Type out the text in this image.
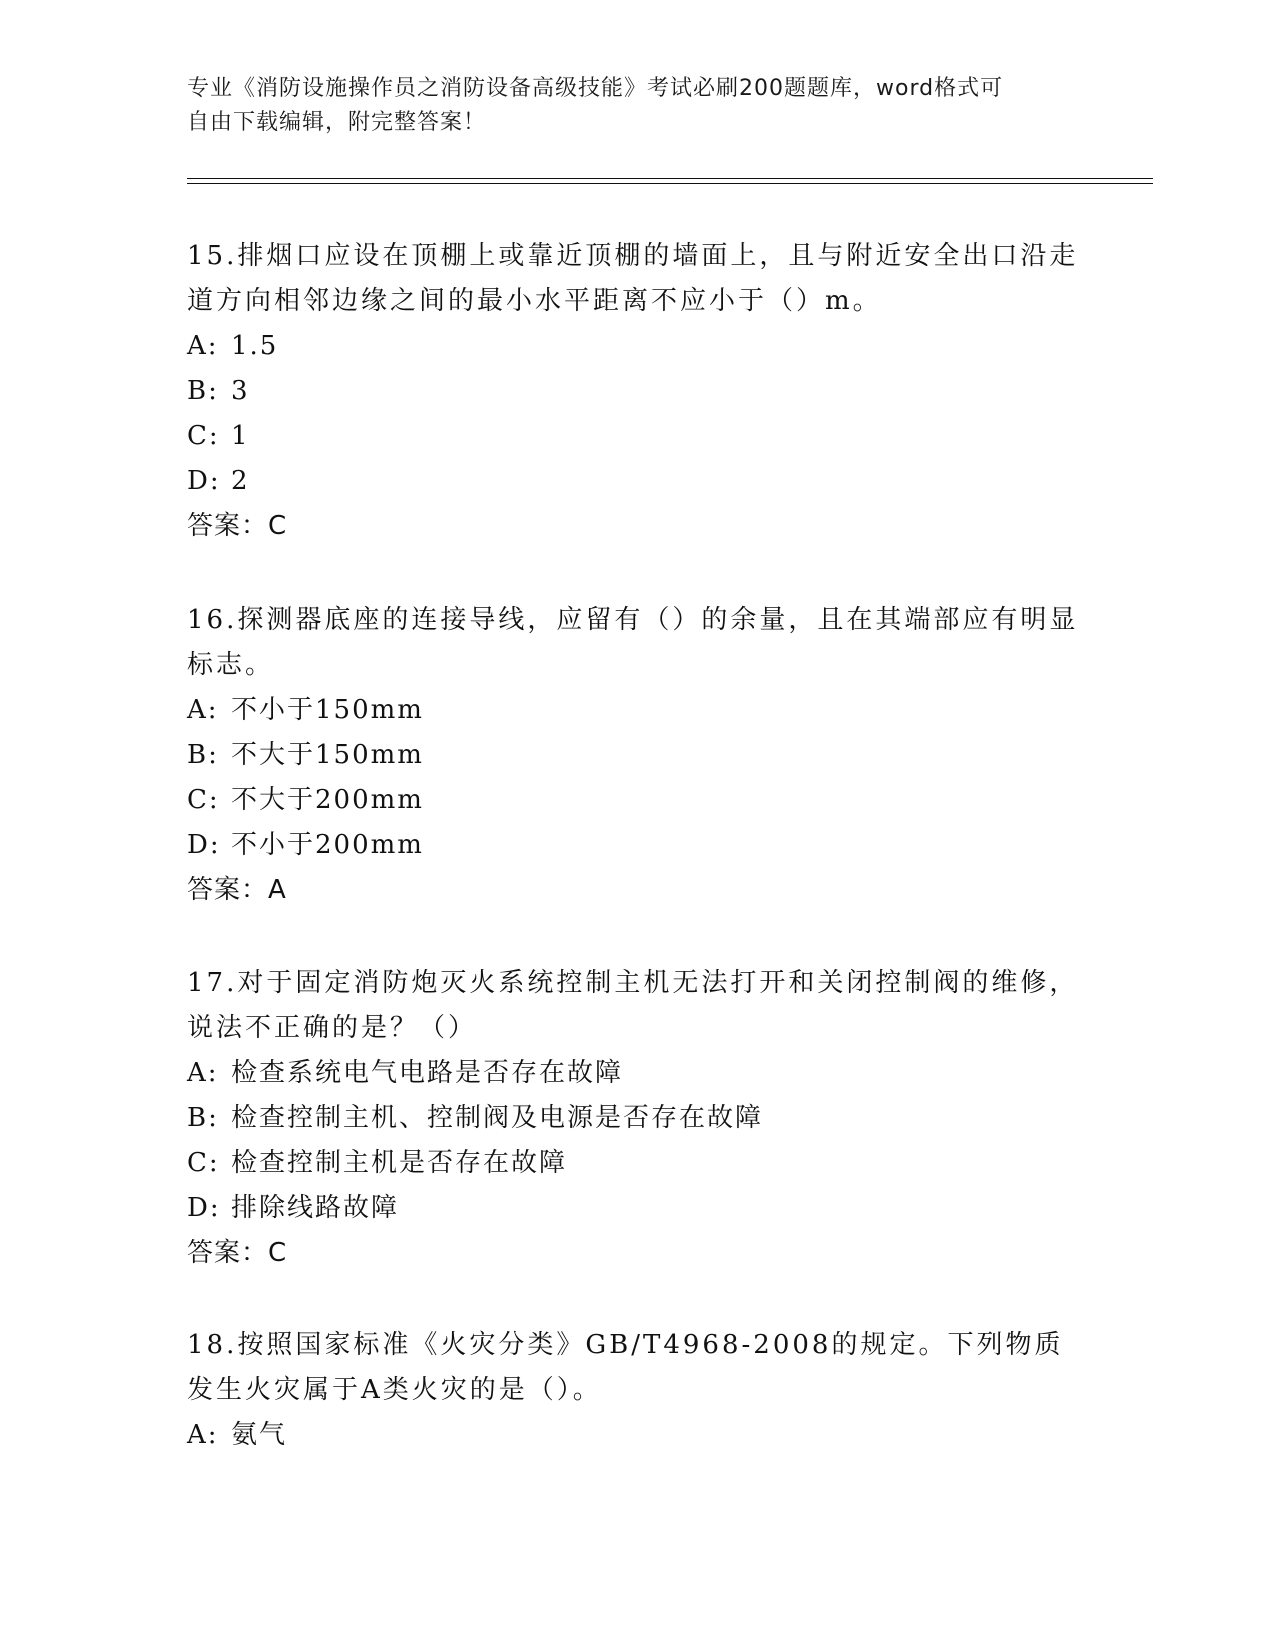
专业《消防设施操作员之消防设备高级技能》考试必刷200题题库，word格式可
自由下载编辑，附完整答案！

15.排烟口应设在顶棚上或靠近顶棚的墙面上，且与附近安全出口沿走道方向相邻边缘之间的最小水平距离不应小于（）m。

A: 1.5

B: 3

C: 1

D: 2

答案：C

16.探测器底座的连接导线，应留有（）的余量，且在其端部应有明显标志。

A: 不小于150mm

B: 不大于150mm

C: 不大于200mm

D: 不小于200mm

答案：A

17.对于固定消防炮灭火系统控制主机无法打开和关闭控制阀的维修，说法不正确的是？（）

A: 检查系统电气电路是否存在故障

B: 检查控制主机、控制阀及电源是否存在故障

C: 检查控制主机是否存在故障

D: 排除线路故障

答案：C

18.按照国家标准《火灾分类》GB/T4968-2008的规定。下列物质发生火灾属于A类火灾的是（）。

A: 氨气
